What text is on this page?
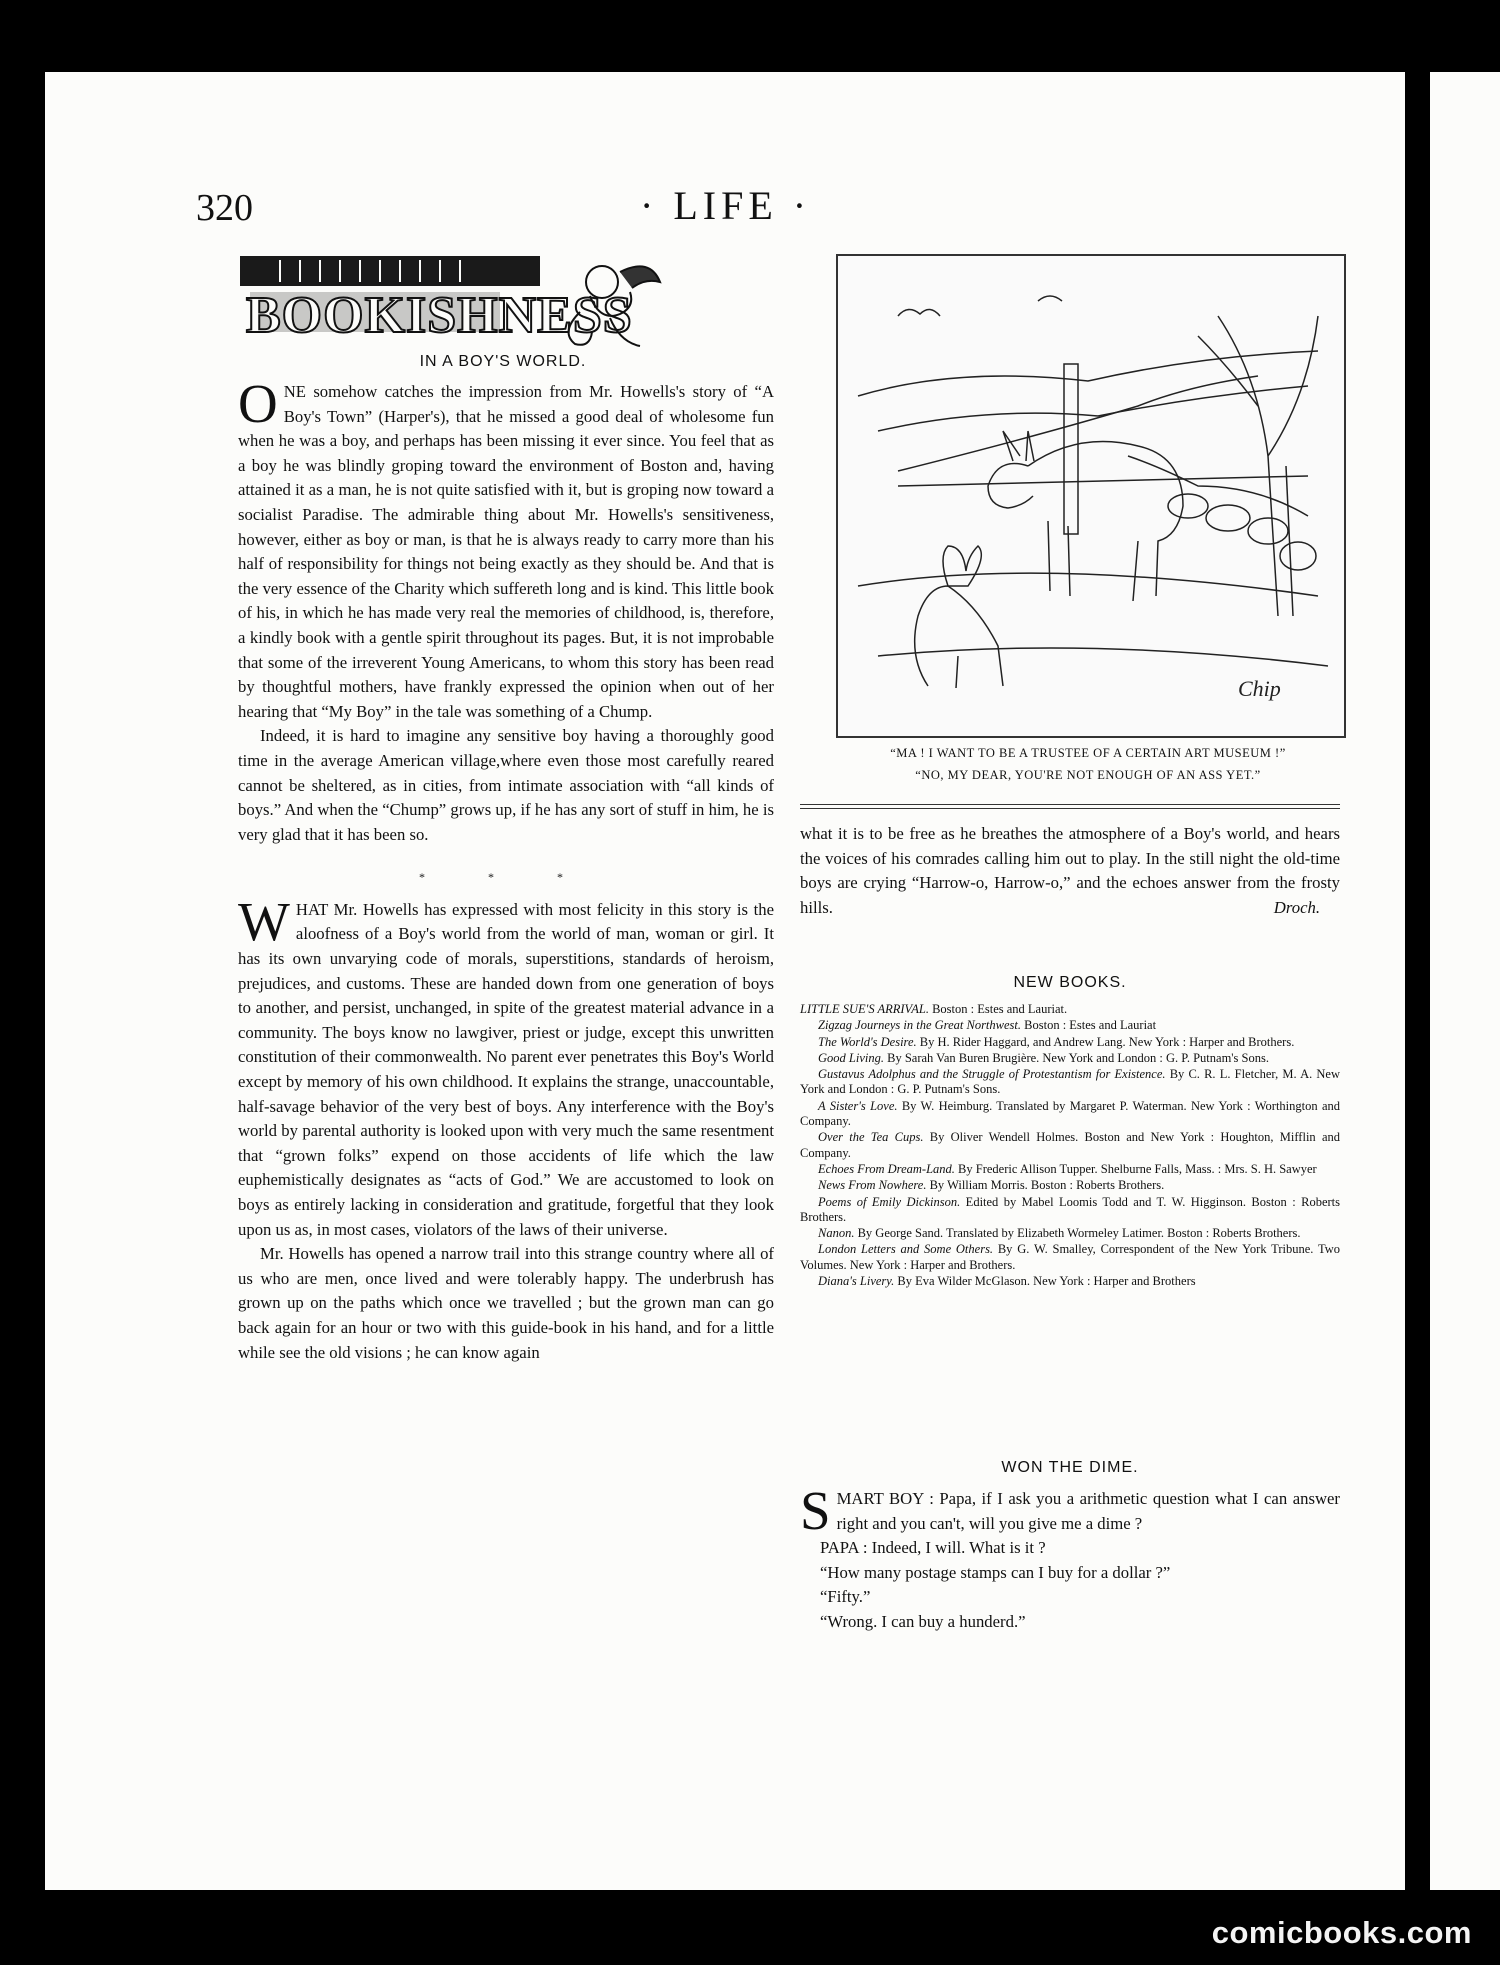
320	· LIFE ·
BOOKISHNESS
IN A BOY'S WORLD.

ONE somehow catches the impression from Mr. Howells's story of “A Boy's Town” (Harper's), that he missed a good deal of wholesome fun when he was a boy, and perhaps has been missing it ever since. You feel that as a boy he was blindly groping toward the environment of Boston and, having attained it as a man, he is not quite satisfied with it, but is groping now toward a socialist Paradise. The admirable thing about Mr. Howells's sensitiveness, however, either as boy or man, is that he is always ready to carry more than his half of responsibility for things not being exactly as they should be. And that is the very essence of the Charity which suffereth long and is kind. This little book of his, in which he has made very real the memories of childhood, is, therefore, a kindly book with a gentle spirit throughout its pages. But, it is not improbable that some of the irreverent Young Americans, to whom this story has been read by thoughtful mothers, have frankly expressed the opinion when out of her hearing that “My Boy” in the tale was something of a Chump.

Indeed, it is hard to imagine any sensitive boy having a thoroughly good time in the average American village,where even those most carefully reared cannot be sheltered, as in cities, from intimate association with “all kinds of boys.” And when the “Chump” grows up, if he has any sort of stuff in him, he is very glad that it has been so.

* * *

WHAT Mr. Howells has expressed with most felicity in this story is the aloofness of a Boy's world from the world of man, woman or girl. It has its own unvarying code of morals, superstitions, standards of heroism, prejudices, and customs. These are handed down from one generation of boys to another, and persist, unchanged, in spite of the greatest material advance in a community. The boys know no lawgiver, priest or judge, except this unwritten constitution of their commonwealth. No parent ever penetrates this Boy's World except by memory of his own childhood. It explains the strange, unaccountable, half-savage behavior of the very best of boys. Any interference with the Boy's world by parental authority is looked upon with very much the same resentment that “grown folks” expend on those accidents of life which the law euphemistically designates as “acts of God.” We are accustomed to look on boys as entirely lacking in consideration and gratitude, forgetful that they look upon us as, in most cases, violators of the laws of their universe.

Mr. Howells has opened a narrow trail into this strange country where all of us who are men, once lived and were tolerably happy. The underbrush has grown up on the paths which once we travelled ; but the grown man can go back again for an hour or two with this guide-book in his hand, and for a little while see the old visions ; he can know again

Chip
“MA ! I WANT TO BE A TRUSTEE OF A CERTAIN ART MUSEUM !”
“NO, MY DEAR, YOU'RE NOT ENOUGH OF AN ASS YET.”

what it is to be free as he breathes the atmosphere of a Boy's world, and hears the voices of his comrades calling him out to play. In the still night the old-time boys are crying “Harrow-o, Harrow-o,” and the echoes answer from the frosty hills.	Droch.

NEW BOOKS.

LITTLE SUE'S ARRIVAL. Boston : Estes and Lauriat.

Zigzag Journeys in the Great Northwest. Boston : Estes and Lauriat

The World's Desire. By H. Rider Haggard, and Andrew Lang. New York : Harper and Brothers.

Good Living. By Sarah Van Buren Brugière. New York and London : G. P. Putnam's Sons.

Gustavus Adolphus and the Struggle of Protestantism for Existence. By C. R. L. Fletcher, M. A. New York and London : G. P. Putnam's Sons.

A Sister's Love. By W. Heimburg. Translated by Margaret P. Waterman. New York : Worthington and Company.

Over the Tea Cups. By Oliver Wendell Holmes. Boston and New York : Houghton, Mifflin and Company.

Echoes From Dream-Land. By Frederic Allison Tupper. Shelburne Falls, Mass. : Mrs. S. H. Sawyer

News From Nowhere. By William Morris. Boston : Roberts Brothers.

Poems of Emily Dickinson. Edited by Mabel Loomis Todd and T. W. Higginson. Boston : Roberts Brothers.

Nanon. By George Sand. Translated by Elizabeth Wormeley Latimer. Boston : Roberts Brothers.

London Letters and Some Others. By G. W. Smalley, Correspondent of the New York Tribune. Two Volumes. New York : Harper and Brothers.

Diana's Livery. By Eva Wilder McGlason. New York : Harper and Brothers

WON THE DIME.

SMART BOY : Papa, if I ask you a arithmetic question what I can answer right and you can't, will you give me a dime ?

PAPA : Indeed, I will. What is it ?

“How many postage stamps can I buy for a dollar ?”

“Fifty.”

“Wrong. I can buy a hunderd.”

comicbooks.com
